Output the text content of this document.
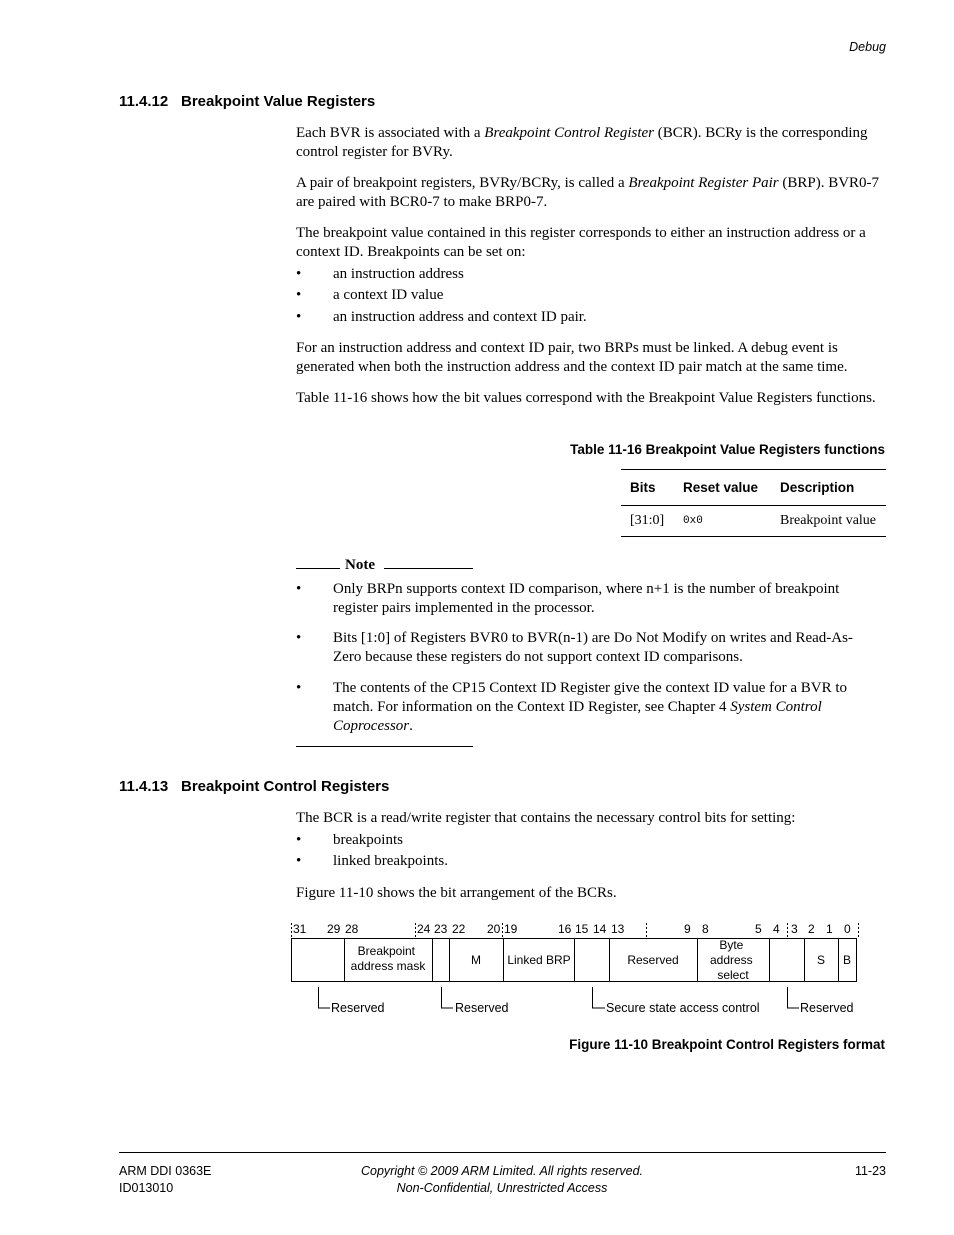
Debug
11.4.12 Breakpoint Value Registers
Each BVR is associated with a Breakpoint Control Register (BCR). BCRy is the corresponding control register for BVRy.
A pair of breakpoint registers, BVRy/BCRy, is called a Breakpoint Register Pair (BRP). BVR0-7 are paired with BCR0-7 to make BRP0-7.
The breakpoint value contained in this register corresponds to either an instruction address or a context ID. Breakpoints can be set on:
• an instruction address
• a context ID value
• an instruction address and context ID pair.
For an instruction address and context ID pair, two BRPs must be linked. A debug event is generated when both the instruction address and the context ID pair match at the same time.
Table 11-16 shows how the bit values correspond with the Breakpoint Value Registers functions.
Table 11-16 Breakpoint Value Registers functions
Bits	Reset value	Description
[31:0]	0x0	Breakpoint value
Note
• Only BRPn supports context ID comparison, where n+1 is the number of breakpoint register pairs implemented in the processor.
• Bits [1:0] of Registers BVR0 to BVR(n-1) are Do Not Modify on writes and Read-As-Zero because these registers do not support context ID comparisons.
• The contents of the CP15 Context ID Register give the context ID value for a BVR to match. For information on the Context ID Register, see Chapter 4 System Control Coprocessor.
11.4.13 Breakpoint Control Registers
The BCR is a read/write register that contains the necessary control bits for setting:
• breakpoints
• linked breakpoints.
Figure 11-10 shows the bit arrangement of the BCRs.
31 29 28	24 23 22 20 19	16 15 14 13	9 8	5 4 3 2 1 0
Breakpoint address mask	M Linked BRP	Reserved
Byte address select
S B
Reserved	Reserved	Secure state access control	Reserved
Figure 11-10 Breakpoint Control Registers format
ARM DDI 0363E
ID013010
Copyright © 2009 ARM Limited. All rights reserved.
Non-Confidential, Unrestricted Access
11-23
